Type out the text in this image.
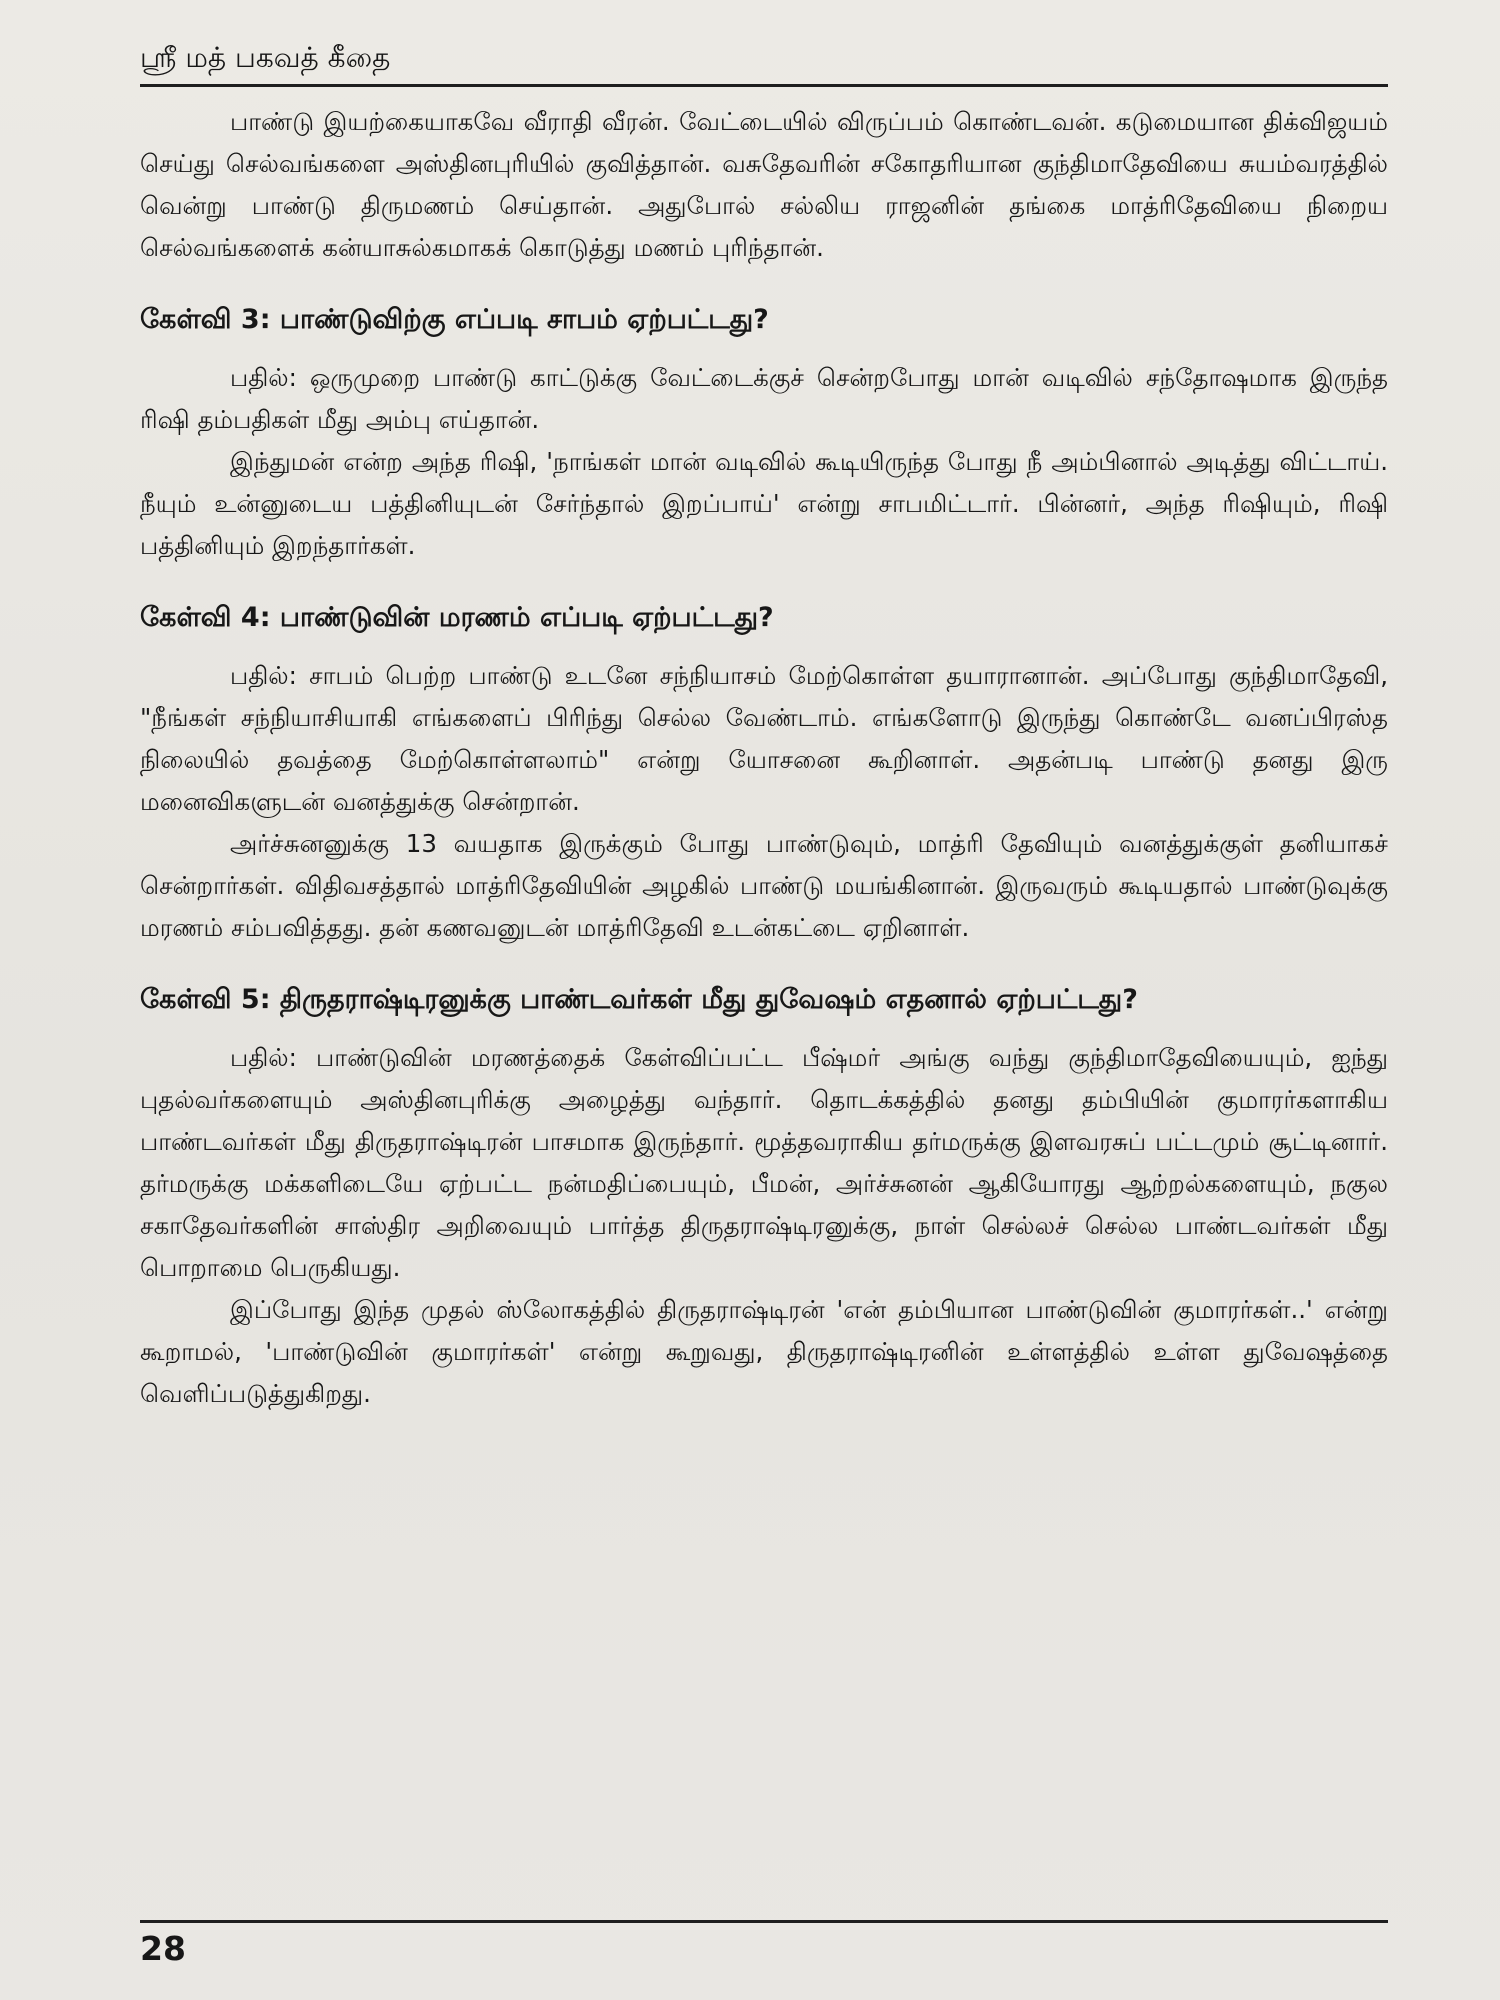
ஸ்ரீ மத் பகவத் கீதை

பாண்டு இயற்கையாகவே வீராதி வீரன். வேட்டையில் விருப்பம் கொண்டவன். கடுமையான திக்விஜயம் செய்து செல்வங்களை அஸ்தினபுரியில் குவித்தான். வசுதேவரின் சகோதரியான குந்திமாதேவியை சுயம்வரத்தில் வென்று பாண்டு திருமணம் செய்தான். அதுபோல் சல்லிய ராஜனின் தங்கை மாத்ரிதேவியை நிறைய செல்வங்களைக் கன்யாசுல்கமாகக் கொடுத்து மணம் புரிந்தான்.

கேள்வி 3: பாண்டுவிற்கு எப்படி சாபம் ஏற்பட்டது?

பதில்: ஒருமுறை பாண்டு காட்டுக்கு வேட்டைக்குச் சென்றபோது மான் வடிவில் சந்தோஷமாக இருந்த ரிஷி தம்பதிகள் மீது அம்பு எய்தான்.

இந்துமன் என்ற அந்த ரிஷி, 'நாங்கள் மான் வடிவில் கூடியிருந்த போது நீ அம்பினால் அடித்து விட்டாய். நீயும் உன்னுடைய பத்தினியுடன் சேர்ந்தால் இறப்பாய்' என்று சாபமிட்டார். பின்னர், அந்த ரிஷியும், ரிஷி பத்தினியும் இறந்தார்கள்.

கேள்வி 4: பாண்டுவின் மரணம் எப்படி ஏற்பட்டது?

பதில்: சாபம் பெற்ற பாண்டு உடனே சந்நியாசம் மேற்கொள்ள தயாரானான். அப்போது குந்திமாதேவி, "நீங்கள் சந்நியாசியாகி எங்களைப் பிரிந்து செல்ல வேண்டாம். எங்களோடு இருந்து கொண்டே வனப்பிரஸ்த நிலையில் தவத்தை மேற்கொள்ளலாம்" என்று யோசனை கூறினாள். அதன்படி பாண்டு தனது இரு மனைவிகளுடன் வனத்துக்கு சென்றான்.

அர்ச்சுனனுக்கு 13 வயதாக இருக்கும் போது பாண்டுவும், மாத்ரி தேவியும் வனத்துக்குள் தனியாகச் சென்றார்கள். விதிவசத்தால் மாத்ரிதேவியின் அழகில் பாண்டு மயங்கினான். இருவரும் கூடியதால் பாண்டுவுக்கு மரணம் சம்பவித்தது. தன் கணவனுடன் மாத்ரிதேவி உடன்கட்டை ஏறினாள்.

கேள்வி 5: திருதராஷ்டிரனுக்கு பாண்டவர்கள் மீது துவேஷம் எதனால் ஏற்பட்டது?

பதில்: பாண்டுவின் மரணத்தைக் கேள்விப்பட்ட பீஷ்மர் அங்கு வந்து குந்திமாதேவியையும், ஐந்து புதல்வர்களையும் அஸ்தினபுரிக்கு அழைத்து வந்தார். தொடக்கத்தில் தனது தம்பியின் குமாரர்களாகிய பாண்டவர்கள் மீது திருதராஷ்டிரன் பாசமாக இருந்தார். மூத்தவராகிய தர்மருக்கு இளவரசுப் பட்டமும் சூட்டினார். தர்மருக்கு மக்களிடையே ஏற்பட்ட நன்மதிப்பையும், பீமன், அர்ச்சுனன் ஆகியோரது ஆற்றல்களையும், நகுல சகாதேவர்களின் சாஸ்திர அறிவையும் பார்த்த திருதராஷ்டிரனுக்கு, நாள் செல்லச் செல்ல பாண்டவர்கள் மீது பொறாமை பெருகியது.

இப்போது இந்த முதல் ஸ்லோகத்தில் திருதராஷ்டிரன் 'என் தம்பியான பாண்டுவின் குமாரர்கள்..' என்று கூறாமல், 'பாண்டுவின் குமாரர்கள்' என்று கூறுவது, திருதராஷ்டிரனின் உள்ளத்தில் உள்ள துவேஷத்தை வெளிப்படுத்துகிறது.

28
